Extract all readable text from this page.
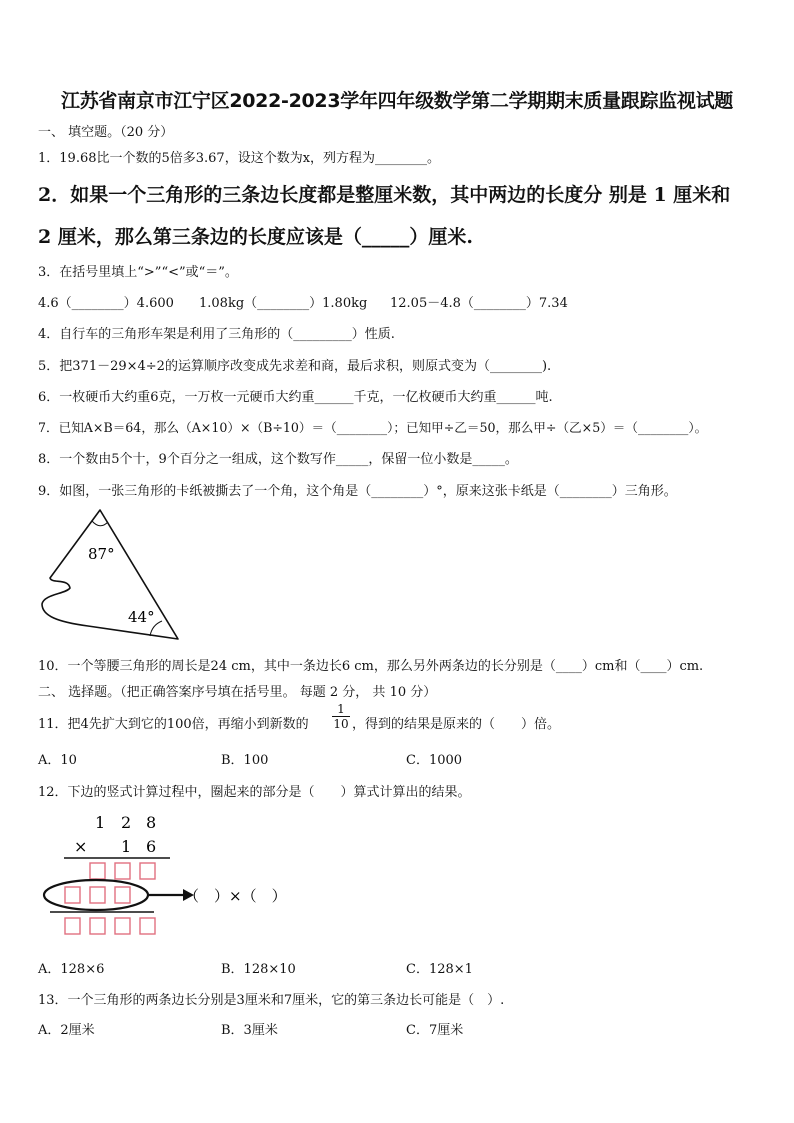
江苏省南京市江宁区2022-2023学年四年级数学第二学期期末质量跟踪监视试题
一、 填空题。（20 分）
1．19.68比一个数的5倍多3.67，设这个数为x，列方程为________。
2．如果一个三角形的三条边长度都是整厘米数，其中两边的长度分 别是 1 厘米和
2 厘米，那么第三条边的长度应该是（_____）厘米.
3．在括号里填上“>”“<”或“＝”。
4.6（________）4.600 1.08kg（________）1.80kg 12.05－4.8（________）7.34
4．自行车的三角形车架是利用了三角形的（_________）性质.
5．把371－29×4÷2的运算顺序改变成先求差和商，最后求积，则原式变为（________).
6．一枚硬币大约重6克，一万枚一元硬币大约重______千克，一亿枚硬币大约重______吨.
7．已知A×B＝64，那么（A×10）×（B÷10）＝（________）；已知甲÷乙＝50，那么甲÷（乙×5）＝（________）。
8．一个数由5个十，9个百分之一组成，这个数写作_____，保留一位小数是_____。
9．如图，一张三角形的卡纸被撕去了一个角，这个角是（________）°，原来这张卡纸是（________）三角形。
87°
44°
10．一个等腰三角形的周长是24 cm，其中一条边长6 cm，那么另外两条边的长分别是（____）cm和（____）cm.
二、 选择题。（把正确答案序号填在括号里。 每题 2 分， 共 10 分）
11．把4先扩大到它的100倍，再缩小到新数的 $\frac{1}{10}$ ，得到的结果是原来的（　　）倍。
A．10	B．100	C．1000
12．下边的竖式计算过程中，圈起来的部分是（　　）算式计算出的结果。
1 2 8
× 1 6
（　）×（　）
A．128×6	B．128×10	C．128×1
13．一个三角形的两条边长分别是3厘米和7厘米，它的第三条边长可能是（　）.
A．2厘米	B．3厘米	C．7厘米
